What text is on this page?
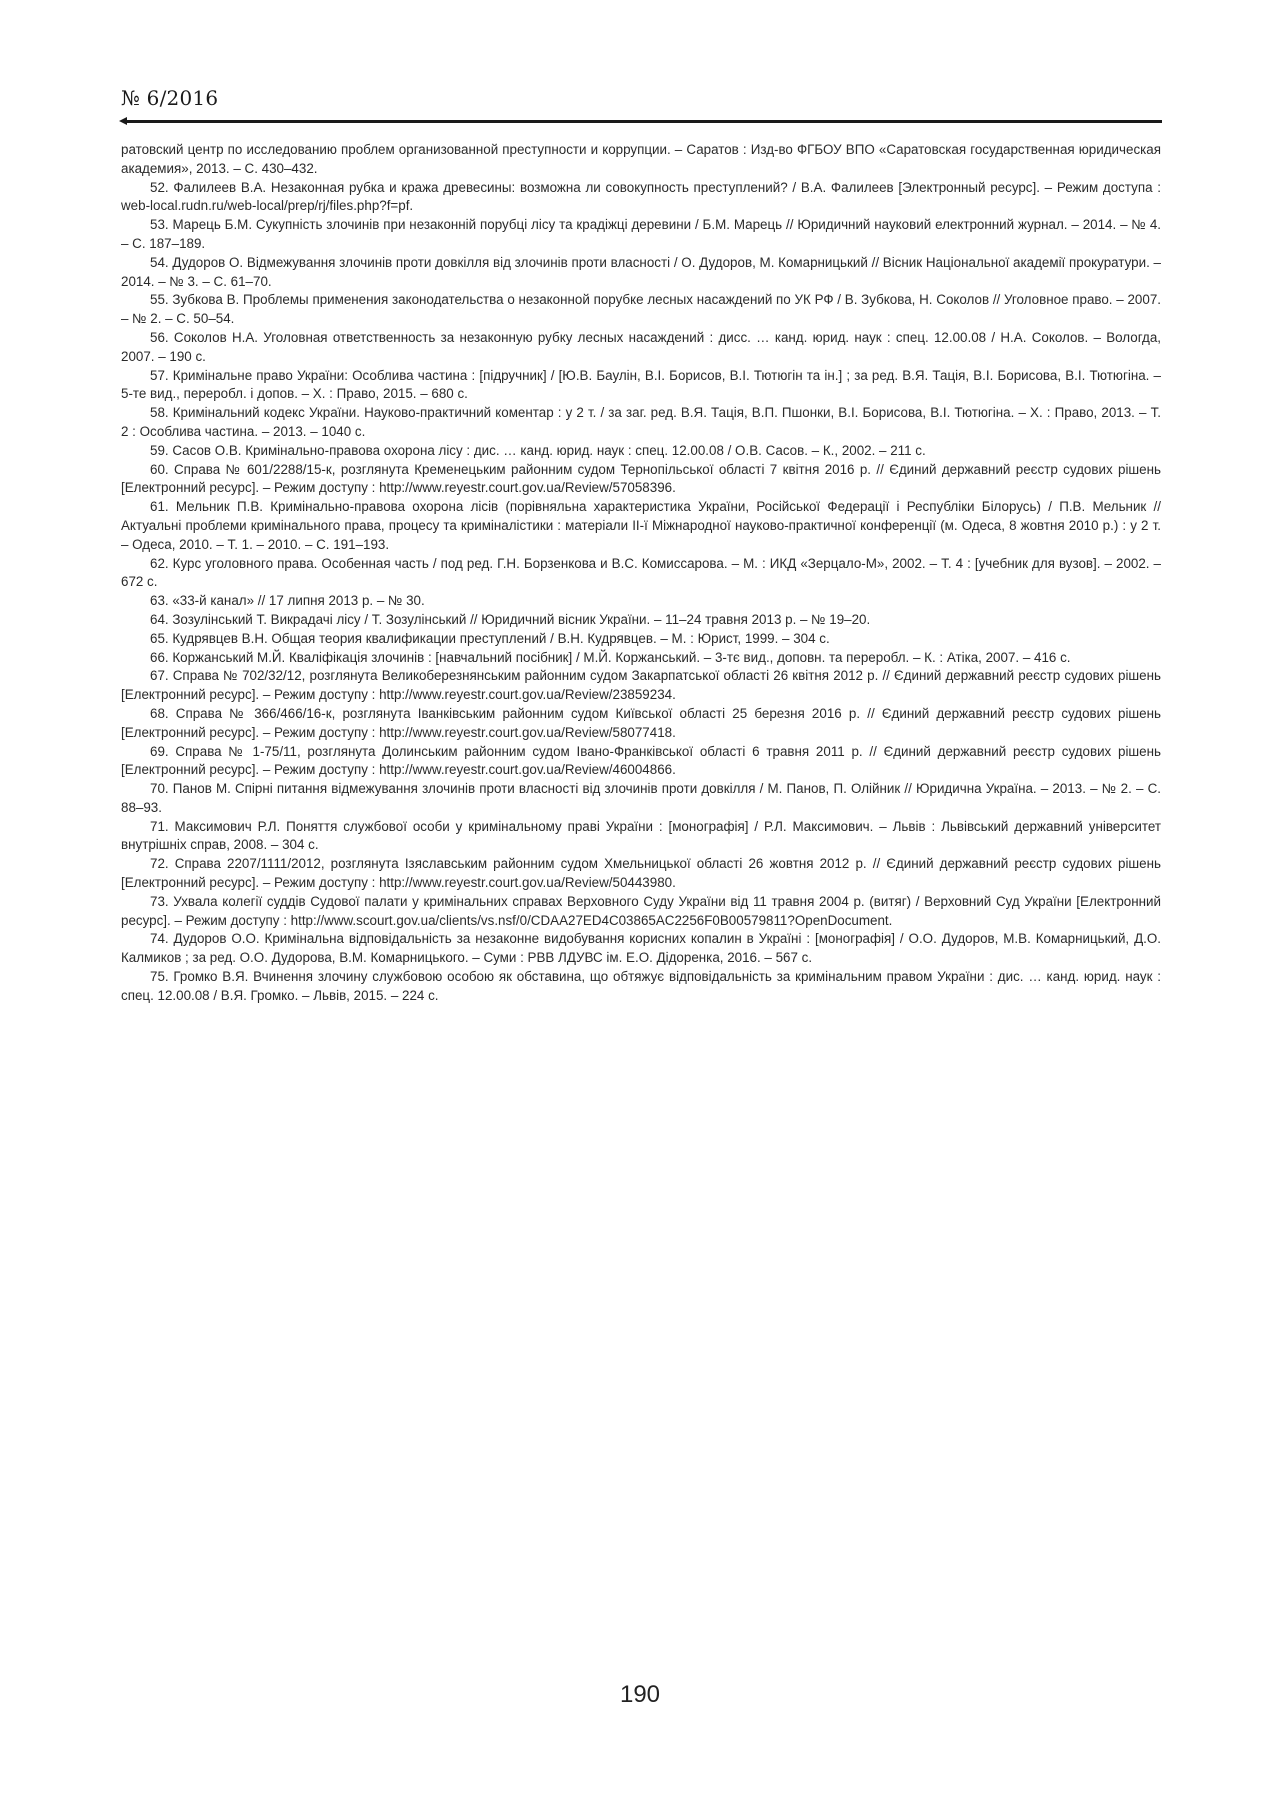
№ 6/2016

ратовский центр по исследованию проблем организованной преступности и коррупции. – Саратов : Изд-во ФГБОУ ВПО «Саратовская государственная юридическая академия», 2013. – С. 430–432.

52. Фалилеев В.А. Незаконная рубка и кража древесины: возможна ли совокупность преступлений? / В.А. Фалилеев [Электронный ресурс]. – Режим доступа : web-local.rudn.ru/web-local/prep/rj/files.php?f=pf.

53. Марець Б.М. Сукупність злочинів при незаконній порубці лісу та крадіжці деревини / Б.М. Марець // Юридичний науковий електронний журнал. – 2014. – № 4. – С. 187–189.

54. Дудоров О. Відмежування злочинів проти довкілля від злочинів проти власності / О. Дудоров, М. Комарницький // Вісник Національної академії прокуратури. – 2014. – № 3. – С. 61–70.

55. Зубкова В. Проблемы применения законодательства о незаконной порубке лесных насаждений по УК РФ / В. Зубкова, Н. Соколов // Уголовное право. – 2007. – № 2. – С. 50–54.

56. Соколов Н.А. Уголовная ответственность за незаконную рубку лесных насаждений : дисс. … канд. юрид. наук : спец. 12.00.08 / Н.А. Соколов. – Вологда, 2007. – 190 с.

57. Кримінальне право України: Особлива частина : [підручник] / [Ю.В. Баулін, В.І. Борисов, В.І. Тютюгін та ін.] ; за ред. В.Я. Тація, В.І. Борисова, В.І. Тютюгіна. – 5-те вид., переробл. і допов. – Х. : Право, 2015. – 680 с.

58. Кримінальний кодекс України. Науково-практичний коментар : у 2 т. / за заг. ред. В.Я. Тація, В.П. Пшонки, В.І. Борисова, В.І. Тютюгіна. – Х. : Право, 2013. – Т. 2 : Особлива частина. – 2013. – 1040 с.

59. Сасов О.В. Кримінально-правова охорона лісу : дис. … канд. юрид. наук : спец. 12.00.08 / О.В. Сасов. – К., 2002. – 211 с.

60. Справа № 601/2288/15-к, розглянута Кременецьким районним судом Тернопільської області 7 квітня 2016 р. // Єдиний державний реєстр судових рішень [Електронний ресурс]. – Режим доступу : http://www.reyestr.court.gov.ua/Review/57058396.

61. Мельник П.В. Кримінально-правова охорона лісів (порівняльна характеристика України, Російської Федерації і Республіки Білорусь) / П.В. Мельник // Актуальні проблеми кримінального права, процесу та криміналістики : матеріали ІІ-ї Міжнародної науково-практичної конференції (м. Одеса, 8 жовтня 2010 р.) : у 2 т. – Одеса, 2010. – Т. 1. – 2010. – С. 191–193.

62. Курс уголовного права. Особенная часть / под ред. Г.Н. Борзенкова и В.С. Комиссарова. – М. : ИКД «Зерцало-М», 2002. – Т. 4 : [учебник для вузов]. – 2002. – 672 с.

63. «33-й канал» // 17 липня 2013 р. – № 30.

64. Зозулінський Т. Викрадачі лісу / Т. Зозулінський // Юридичний вісник України. – 11–24 травня 2013 р. – № 19–20.

65. Кудрявцев В.Н. Общая теория квалификации преступлений / В.Н. Кудрявцев. – М. : Юрист, 1999. – 304 с.

66. Коржанський М.Й. Кваліфікація злочинів : [навчальний посібник] / М.Й. Коржанський. – 3-тє вид., доповн. та переробл. – К. : Атіка, 2007. – 416 с.

67. Справа № 702/32/12, розглянута Великоберезнянським районним судом Закарпатської області 26 квітня 2012 р. // Єдиний державний реєстр судових рішень [Електронний ресурс]. – Режим доступу : http://www.reyestr.court.gov.ua/Review/23859234.

68. Справа № 366/466/16-к, розглянута Іванківським районним судом Київської області 25 березня 2016 р. // Єдиний державний реєстр судових рішень [Електронний ресурс]. – Режим доступу : http://www.reyestr.court.gov.ua/Review/58077418.

69. Справа № 1-75/11, розглянута Долинським районним судом Івано-Франківської області 6 травня 2011 р. // Єдиний державний реєстр судових рішень [Електронний ресурс]. – Режим доступу : http://www.reyestr.court.gov.ua/Review/46004866.

70. Панов М. Спірні питання відмежування злочинів проти власності від злочинів проти довкілля / М. Панов, П. Олійник // Юридична Україна. – 2013. – № 2. – С. 88–93.

71. Максимович Р.Л. Поняття службової особи у кримінальному праві України : [монографія] / Р.Л. Максимович. – Львів : Львівський державний університет внутрішніх справ, 2008. – 304 с.

72. Справа 2207/1111/2012, розглянута Ізяславським районним судом Хмельницької області 26 жовтня 2012 р. // Єдиний державний реєстр судових рішень [Електронний ресурс]. – Режим доступу : http://www.reyestr.court.gov.ua/Review/50443980.

73. Ухвала колегії суддів Судової палати у кримінальних справах Верховного Суду України від 11 травня 2004 р. (витяг) / Верховний Суд України [Електронний ресурс]. – Режим доступу : http://www.scourt.gov.ua/clients/vs.nsf/0/CDAA27ED4C03865AC2256F0B00579811?OpenDocument.

74. Дудоров О.О. Кримінальна відповідальність за незаконне видобування корисних копалин в Україні : [монографія] / О.О. Дудоров, М.В. Комарницький, Д.О. Калмиков ; за ред. О.О. Дудорова, В.М. Комарницького. – Суми : РВВ ЛДУВС ім. Е.О. Дідоренка, 2016. – 567 с.

75. Громко В.Я. Вчинення злочину службовою особою як обставина, що обтяжує відповідальність за кримінальним правом України : дис. … канд. юрид. наук : спец. 12.00.08 / В.Я. Громко. – Львів, 2015. – 224 с.

190
